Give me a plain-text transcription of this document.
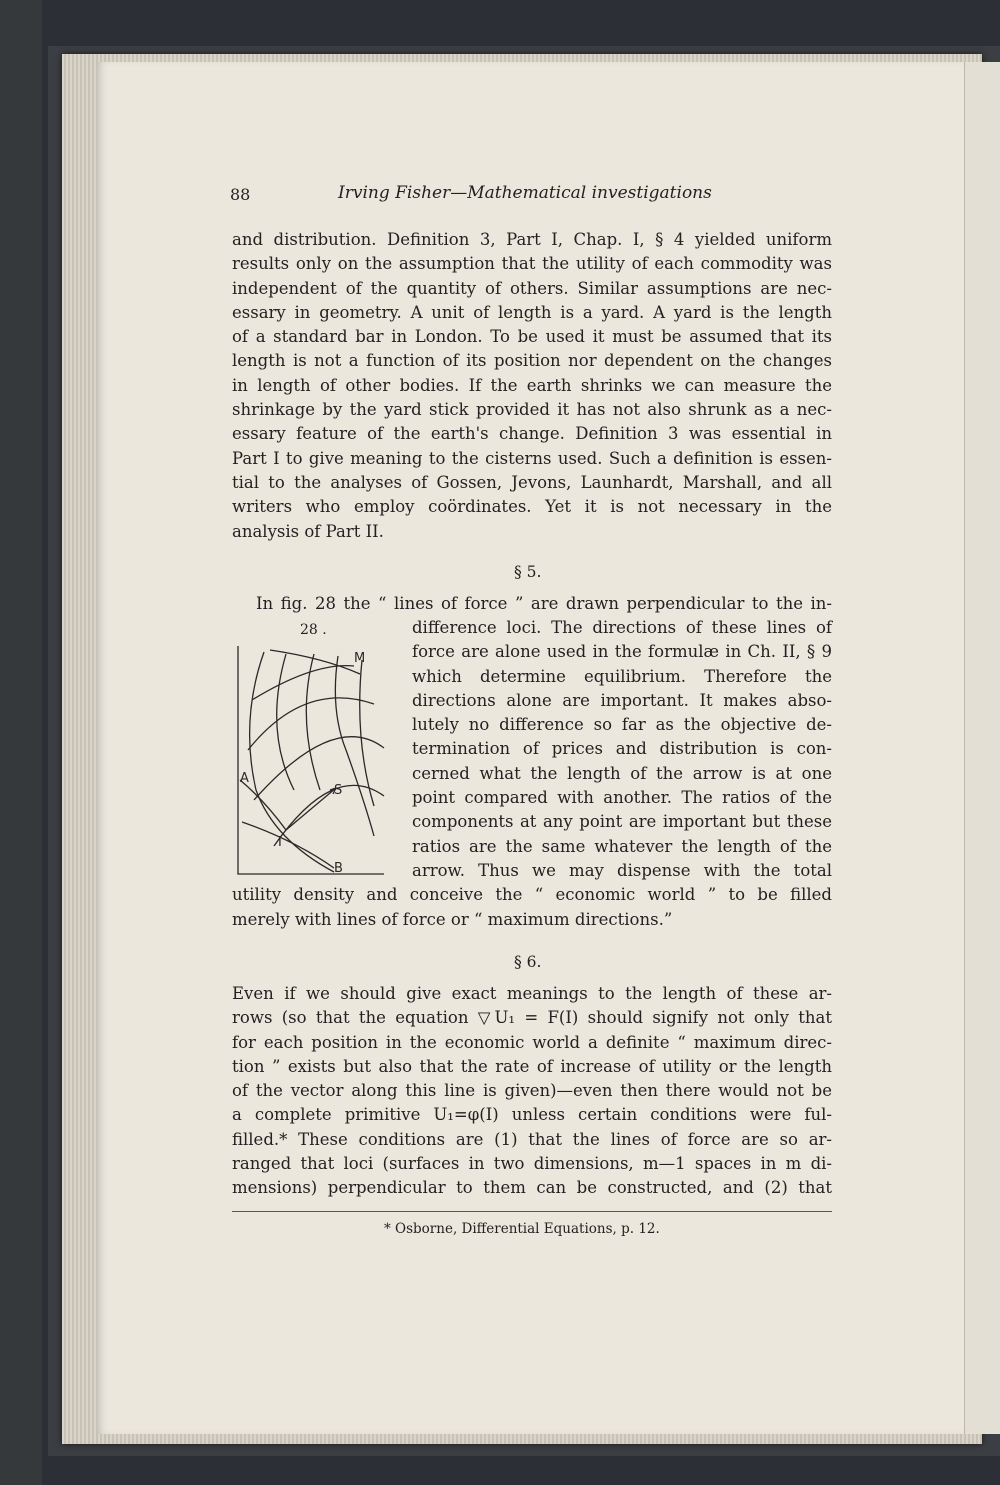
88	Irving Fisher—Mathematical investigations
and distribution. Definition 3, Part I, Chap. I, § 4 yielded uniform
results only on the assumption that the utility of each commodity was
independent of the quantity of others. Similar assumptions are nec-
essary in geometry. A unit of length is a yard. A yard is the length
of a standard bar in London. To be used it must be assumed that its
length is not a function of its position nor dependent on the changes
in length of other bodies. If the earth shrinks we can measure the
shrinkage by the yard stick provided it has not also shrunk as a nec-
essary feature of the earth's change. Definition 3 was essential in
Part I to give meaning to the cisterns used. Such a definition is essen-
tial to the analyses of Gossen, Jevons, Launhardt, Marshall, and all
writers who employ coördinates. Yet it is not necessary in the
analysis of Part II.
§ 5.
In fig. 28 the “ lines of force ” are drawn perpendicular to the in-
28 .
M
A
S
I
B
difference loci. The directions of these lines of
force are alone used in the formulæ in Ch. II, § 9
which determine equilibrium. Therefore the
directions alone are important. It makes abso-
lutely no difference so far as the objective de-
termination of prices and distribution is con-
cerned what the length of the arrow is at one
point compared with another. The ratios of the
components at any point are important but these
ratios are the same whatever the length of the
arrow. Thus we may dispense with the total
utility density and conceive the “ economic world ” to be filled
merely with lines of force or “ maximum directions.”
§ 6.
Even if we should give exact meanings to the length of these ar-
rows (so that the equation ▽U₁ = F(I) should signify not only that
for each position in the economic world a definite “ maximum direc-
tion ” exists but also that the rate of increase of utility or the length
of the vector along this line is given)—even then there would not be
a complete primitive U₁=φ(I) unless certain conditions were ful-
filled.* These conditions are (1) that the lines of force are so ar-
ranged that loci (surfaces in two dimensions, m—1 spaces in m di-
mensions) perpendicular to them can be constructed, and (2) that
* Osborne, Differential Equations, p. 12.
